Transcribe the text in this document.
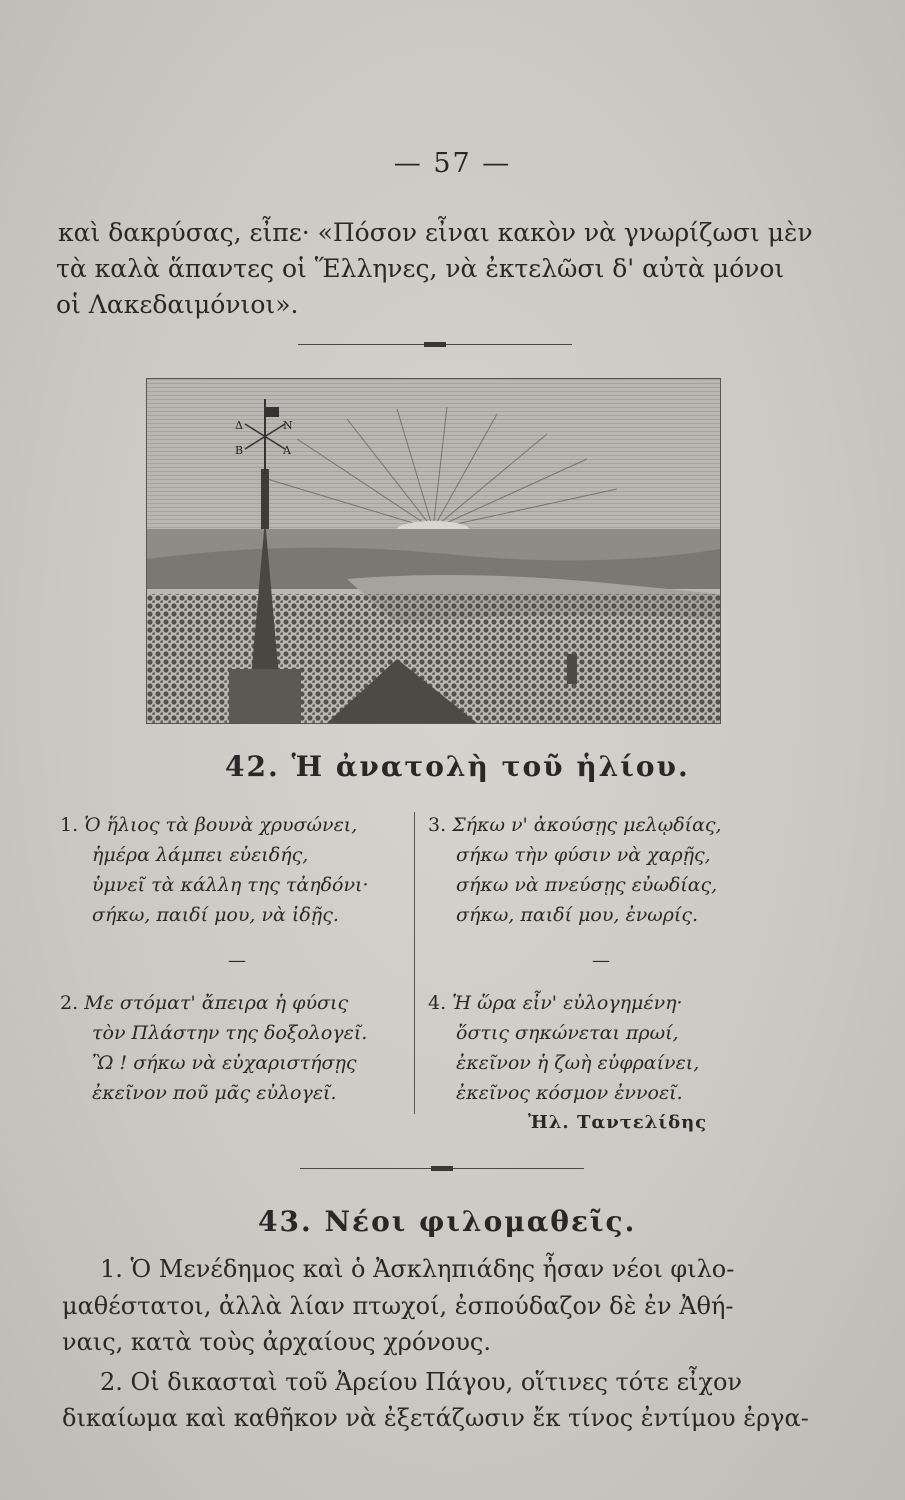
— 57 —
καὶ δακρύσας, εἶπε· «Πόσον εἶναι κακὸν νὰ γνωρίζωσι μὲν
τὰ καλὰ ἅπαντες οἱ Ἕλληνες, νὰ ἐκτελῶσι δ' αὐτὰ μόνοι
οἱ Λακεδαιμόνιοι».
Δ
Β
Ν
Α
42. Ἡ ἀνατολὴ τοῦ ἡλίου.
1. Ὁ ἥλιος τὰ βουνὰ χρυσώνει,
ἡμέρα λάμπει εὐειδής,
ὑμνεῖ τὰ κάλλη της τἀηδόνι·
σήκω, παιδί μου, νὰ ἰδῇς.
—
2. Με στόματ' ἄπειρα ἡ φύσις
τὸν Πλάστην της δοξολογεῖ.
Ὢ ! σήκω νὰ εὐχαριστήσῃς
ἐκεῖνον ποῦ μᾶς εὐλογεῖ.
3. Σήκω ν' ἀκούσῃς μελῳδίας,
σήκω τὴν φύσιν νὰ χαρῇς,
σήκω νὰ πνεύσῃς εὐωδίας,
σήκω, παιδί μου, ἐνωρίς.
—
4. Ἡ ὥρα εἶν' εὐλογημένη·
ὅστις σηκώνεται πρωί,
ἐκεῖνον ἡ ζωὴ εὐφραίνει,
ἐκεῖνος κόσμον ἐννοεῖ.
Ἠλ. Ταντελίδης
43. Νέοι φιλομαθεῖς.
1. Ὁ Μενέδημος καὶ ὁ Ἀσκληπιάδης ἦσαν νέοι φιλο-
μαθέστατοι, ἀλλὰ λίαν πτωχοί, ἐσπούδαζον δὲ ἐν Ἀθή-
ναις, κατὰ τοὺς ἀρχαίους χρόνους.
2. Οἱ δικασταὶ τοῦ Ἀρείου Πάγου, οἵτινες τότε εἶχον
δικαίωμα καὶ καθῆκον νὰ ἐξετάζωσιν ἔκ τίνος ἐντίμου ἐργα-
